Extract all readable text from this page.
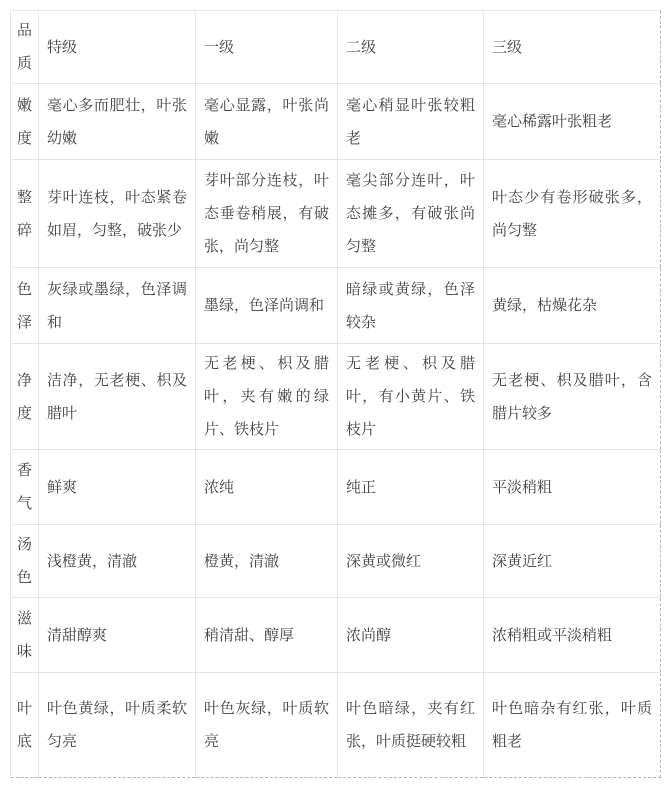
品质	特级	一级	二级	三级
嫩度	毫心多而肥壮，叶张幼嫩	毫心显露，叶张尚嫩	毫心稍显叶张较粗老	毫心稀露叶张粗老
整碎	芽叶连枝，叶态紧卷如眉，匀整，破张少	芽叶部分连枝，叶态垂卷稍展，有破张，尚匀整	毫尖部分连叶，叶态摊多，有破张尚匀整	叶态少有卷形破张多，尚匀整
色泽	灰绿或墨绿，色泽调和	墨绿，色泽尚调和	暗绿或黄绿，色泽较杂	黄绿，枯燥花杂
净度	洁净，无老梗、枳及腊叶	无老梗、枳及腊叶，夹有嫩的绿片、铁枝片	无老梗、枳及腊叶，有小黄片、铁枝片	无老梗、枳及腊叶，含腊片较多
香气	鲜爽	浓纯	纯正	平淡稍粗
汤色	浅橙黄，清澈	橙黄，清澈	深黄或微红	深黄近红
滋味	清甜醇爽	稍清甜、醇厚	浓尚醇	浓稍粗或平淡稍粗
叶底	叶色黄绿，叶质柔软匀亮	叶色灰绿，叶质软亮	叶色暗绿，夹有红张，叶质挺硬较粗	叶色暗杂有红张，叶质粗老
